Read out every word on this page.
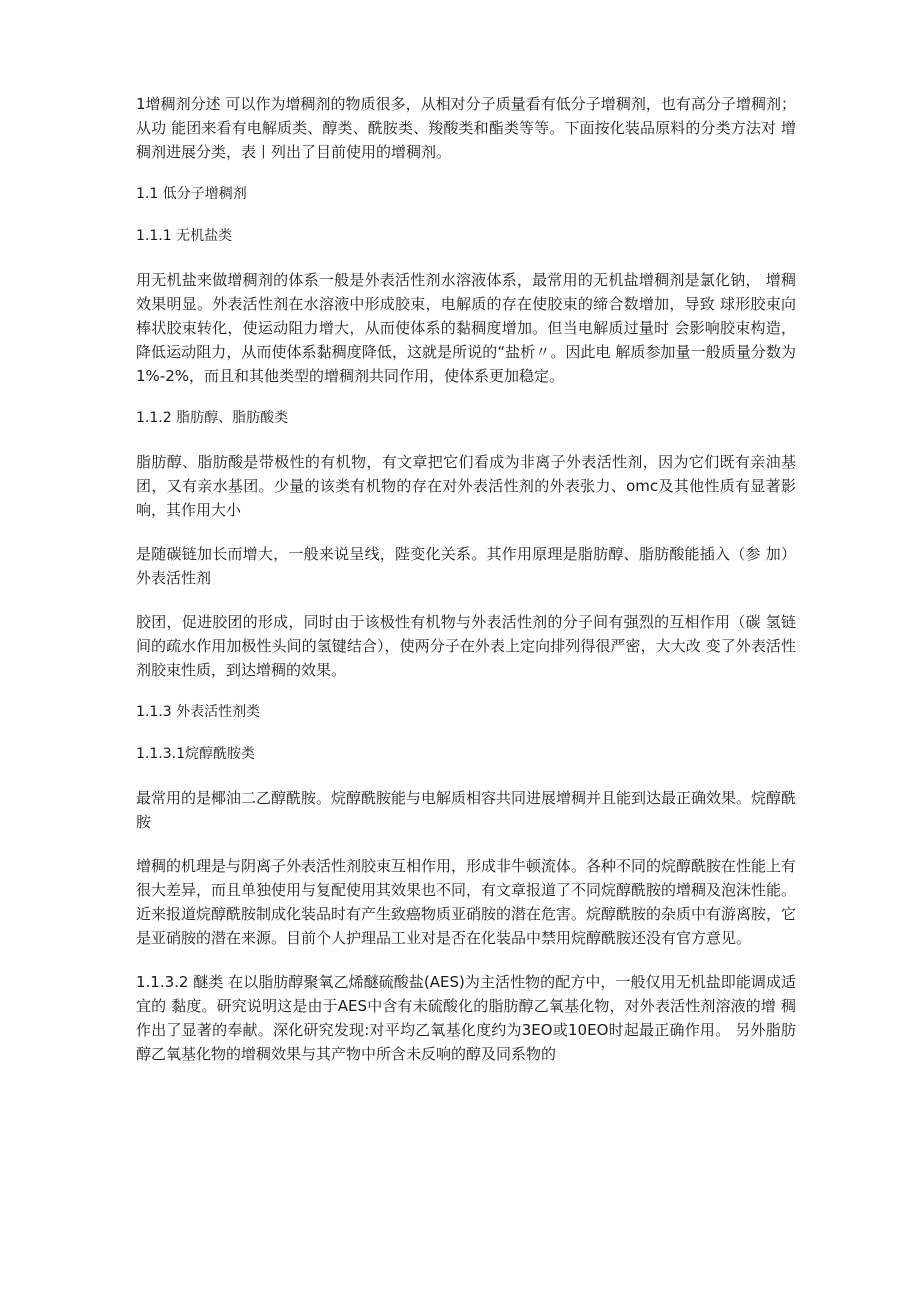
1增稠剂分述 可以作为增稠剂的物质很多，从相对分子质量看有低分子增稠剂，也有高分子增稠剂；从功 能团来看有电解质类、醇类、酰胺类、羧酸类和酯类等等。下面按化装品原料的分类方法对 增稠剂进展分类，表丨列出了目前使用的增稠剂。

1.1 低分子增稠剂
1.1.1 无机盐类

用无机盐来做增稠剂的体系一般是外表活性剂水溶液体系，最常用的无机盐增稠剂是氯化钠， 增稠效果明显。外表活性剂在水溶液中形成胶束，电解质的存在使胶束的缔合数增加，导致 球形胶束向棒状胶束转化，使运动阻力增大，从而使体系的黏稠度增加。但当电解质过量时 会影响胶束构造，降低运动阻力，从而使体系黏稠度降低，这就是所说的“盐析〃。因此电 解质参加量一般质量分数为1%-2%，而且和其他类型的增稠剂共同作用，使体系更加稳定。

1.1.2 脂肪醇、脂肪酸类

脂肪醇、脂肪酸是带极性的有机物，有文章把它们看成为非离子外表活性剂，因为它们既有亲油基团，又有亲水基团。少量的该类有机物的存在对外表活性剂的外表张力、omc及其他性质有显著影响，其作用大小

是随碳链加长而增大，一般来说呈线，陛变化关系。其作用原理是脂肪醇、脂肪酸能插入（参 加）外表活性剂

胶团，促进胶团的形成，同时由于该极性有机物与外表活性剂的分子间有强烈的互相作用（碳 氢链间的疏水作用加极性头间的氢键结合），使两分子在外表上定向排列得很严密，大大改 变了外表活性剂胶束性质，到达增稠的效果。

1.1.3 外表活性剂类
1.1.3.1烷醇酰胺类

最常用的是椰油二乙醇酰胺。烷醇酰胺能与电解质相容共同进展增稠并且能到达最正确效果。烷醇酰胺

增稠的机理是与阴离子外表活性剂胶束互相作用，形成非牛顿流体。各种不同的烷醇酰胺在性能上有很大差异，而且单独使用与复配使用其效果也不同，有文章报道了不同烷醇酰胺的增稠及泡沫性能。近来报道烷醇酰胺制成化装品时有产生致癌物质亚硝胺的潜在危害。烷醇酰胺的杂质中有游离胺，它是亚硝胺的潜在来源。目前个人护理品工业对是否在化装品中禁用烷醇酰胺还没有官方意见。

1.1.3.2 醚类 在以脂肪醇聚氧乙烯醚硫酸盐(AES)为主活性物的配方中，一般仅用无机盐即能调成适宜的 黏度。研究说明这是由于AES中含有未硫酸化的脂肪醇乙氧基化物，对外表活性剂溶液的增 稠作出了显著的奉献。深化研究发现:对平均乙氧基化度约为3EO或10EO时起最正确作用。 另外脂肪醇乙氧基化物的增稠效果与其产物中所含未反响的醇及同系物的
